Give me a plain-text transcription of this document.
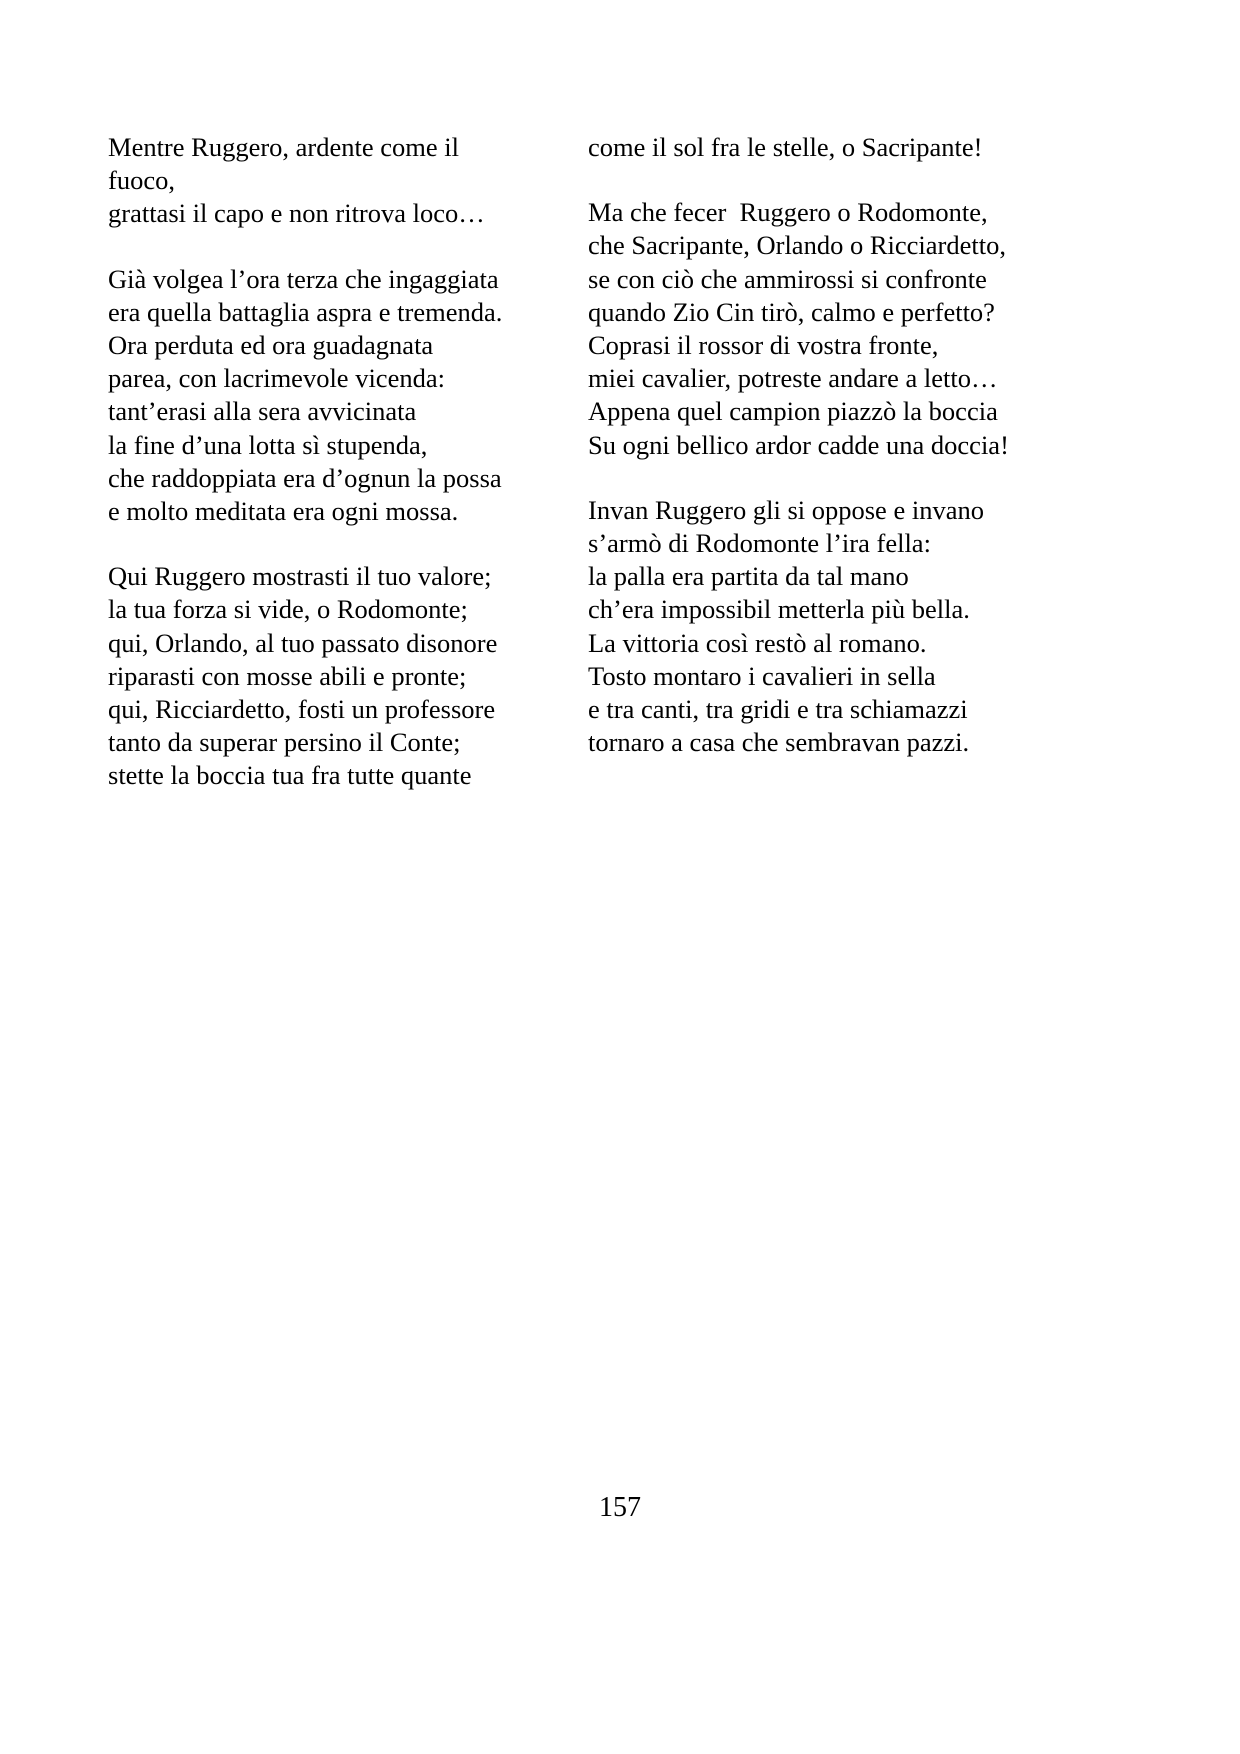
Mentre Ruggero, ardente come il
fuoco,
grattasi il capo e non ritrova loco…
Già volgea l’ora terza che ingaggiata
era quella battaglia aspra e tremenda.
Ora perduta ed ora guadagnata
parea, con lacrimevole vicenda:
tant’erasi alla sera avvicinata
la fine d’una lotta sì stupenda,
che raddoppiata era d’ognun la possa
e molto meditata era ogni mossa.
Qui Ruggero mostrasti il tuo valore;
la tua forza si vide, o Rodomonte;
qui, Orlando, al tuo passato disonore
riparasti con mosse abili e pronte;
qui, Ricciardetto, fosti un professore
tanto da superar persino il Conte;
stette la boccia tua fra tutte quante
come il sol fra le stelle, o Sacripante!
Ma che fecer  Ruggero o Rodomonte,
che Sacripante, Orlando o Ricciardetto,
se con ciò che ammirossi si confronte
quando Zio Cin tirò, calmo e perfetto?
Coprasi il rossor di vostra fronte,
miei cavalier, potreste andare a letto…
Appena quel campion piazzò la boccia
Su ogni bellico ardor cadde una doccia!
Invan Ruggero gli si oppose e invano
s’armò di Rodomonte l’ira fella:
la palla era partita da tal mano
ch’era impossibil metterla più bella.
La vittoria così restò al romano.
Tosto montaro i cavalieri in sella
e tra canti, tra gridi e tra schiamazzi
tornaro a casa che sembravan pazzi.
157
